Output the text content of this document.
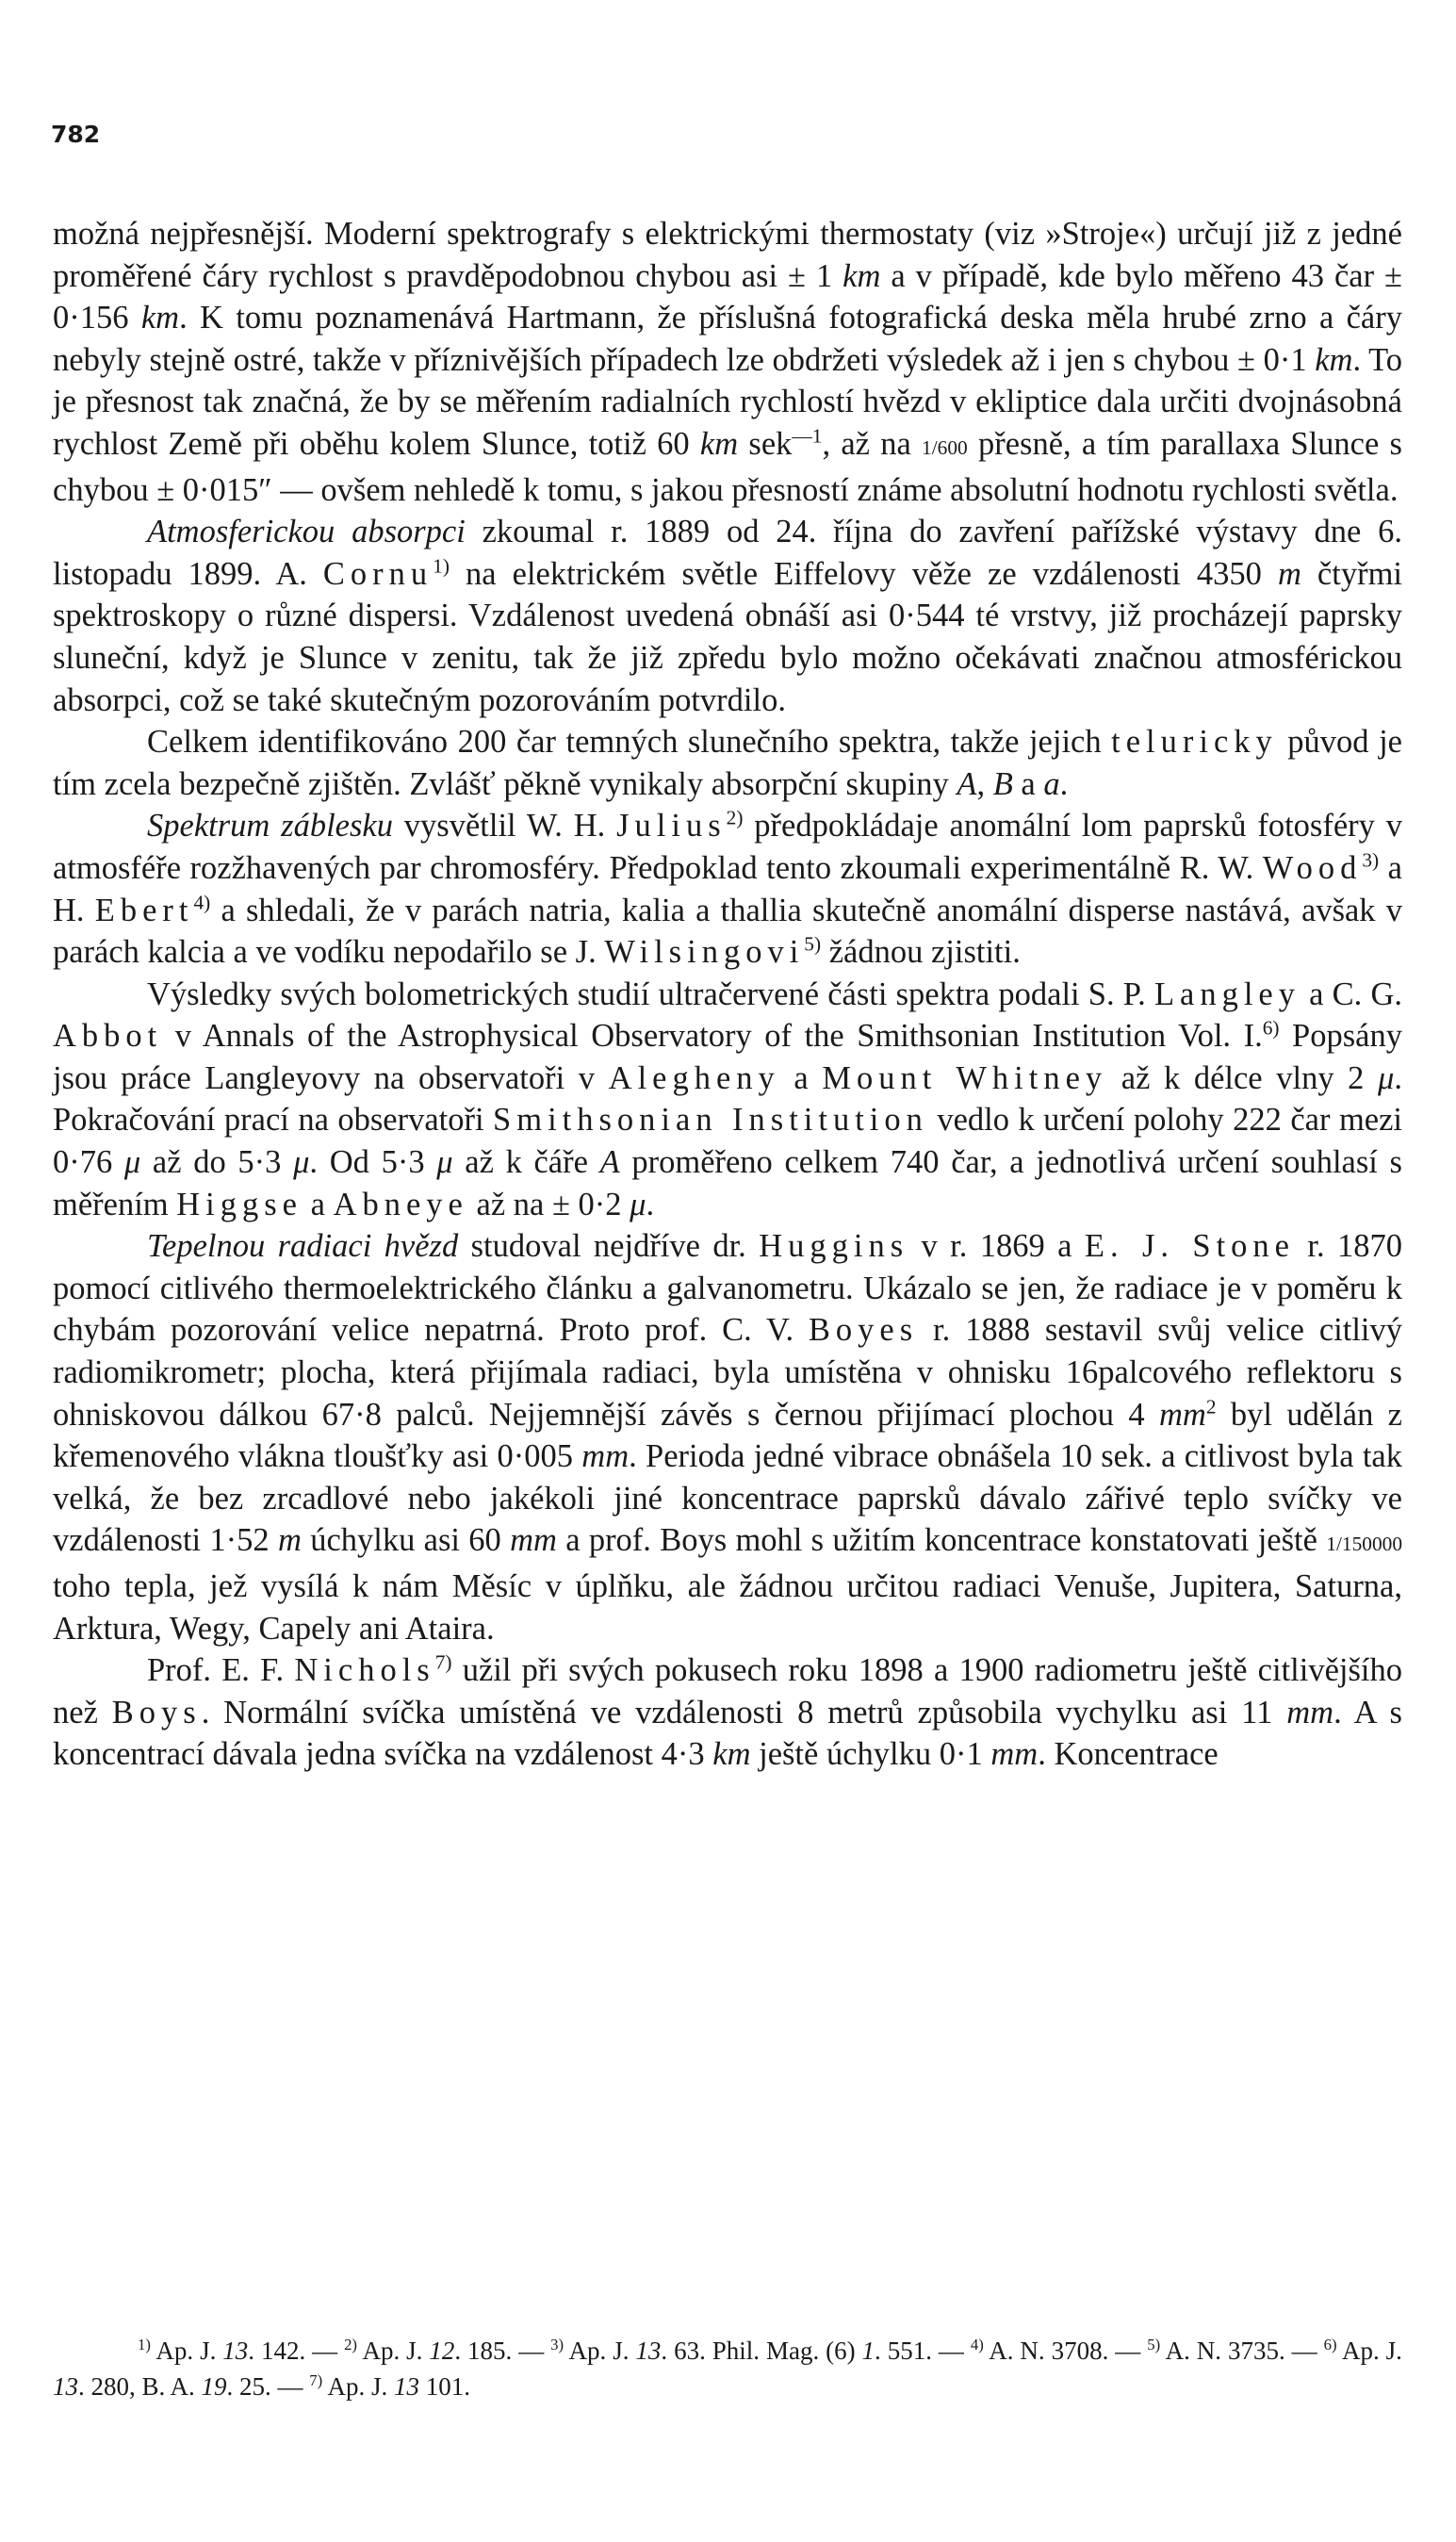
782

možná nejpřesnější. Moderní spektrografy s elektrickými thermostaty (viz »Stroje«) určují již z jedné proměřené čáry rychlost s pravděpodobnou chybou asi ± 1 km a v případě, kde bylo měřeno 43 čar ± 0·156 km. K tomu poznamenává Hartmann, že příslušná fotografická deska měla hrubé zrno a čáry nebyly stejně ostré, takže v příznivějších případech lze obdržeti výsledek až i jen s chybou ± 0·1 km. To je přesnost tak značná, že by se měřením radialních rychlostí hvězd v ekliptice dala určiti dvojnásobná rychlost Země při oběhu kolem Slunce, totiž 60 km sek$^{—1}$, až na 1/600 přesně, a tím parallaxa Slunce s chybou ± 0·015″ — ovšem nehledě k tomu, s jakou přesností známe absolutní hodnotu rychlosti světla.

Atmosferickou absorpci zkoumal r. 1889 od 24. října do zavření pařížské výstavy dne 6. listopadu 1899. A. Cornu$^{1)}$ na elektrickém světle Eiffelovy věže ze vzdálenosti 4350 m čtyřmi spektroskopy o různé dispersi. Vzdálenost uvedená obnáší asi 0·544 té vrstvy, již procházejí paprsky sluneční, když je Slunce v zenitu, tak že již zpředu bylo možno očekávati značnou atmosférickou absorpci, což se také skutečným pozorováním potvrdilo.

Celkem identifikováno 200 čar temných slunečního spektra, takže jejich teluricky původ je tím zcela bezpečně zjištěn. Zvlášť pěkně vynikaly absorpční skupiny A, B a a.

Spektrum záblesku vysvětlil W. H. Julius$^{2)}$ předpokládaje anomální lom paprsků fotosféry v atmosféře rozžhavených par chromosféry. Předpoklad tento zkoumali experimentálně R. W. Wood$^{3)}$ a H. Ebert$^{4)}$ a shledali, že v parách natria, kalia a thallia skutečně anomální disperse nastává, avšak v parách kalcia a ve vodíku nepodařilo se J. Wilsingovi$^{5)}$ žádnou zjistiti.

Výsledky svých bolometrických studií ultračervené části spektra podali S. P. Langley a C. G. Abbot v Annals of the Astrophysical Observatory of the Smithsonian Institution Vol. I.$^{6)}$ Popsány jsou práce Langleyovy na observatoři v Alegheny a Mount Whitney až k délce vlny 2 μ. Pokračování prací na observatoři Smithsonian Institution vedlo k určení polohy 222 čar mezi 0·76 μ až do 5·3 μ. Od 5·3 μ až k čáře A proměřeno celkem 740 čar, a jednotlivá určení souhlasí s měřením Higgse a Abneye až na ± 0·2 μ.

Tepelnou radiaci hvězd studoval nejdříve dr. Huggins v r. 1869 a E. J. Stone r. 1870 pomocí citlivého thermoelektrického článku a galvanometru. Ukázalo se jen, že radiace je v poměru k chybám pozorování velice nepatrná. Proto prof. C. V. Boyes r. 1888 sestavil svůj velice citlivý radiomikrometr; plocha, která přijímala radiaci, byla umístěna v ohnisku 16palcového reflektoru s ohniskovou dálkou 67·8 palců. Nejjemnější závěs s černou přijímací plochou 4 $mm^2$ byl udělán z křemenového vlákna tloušťky asi 0·005 mm. Perioda jedné vibrace obnášela 10 sek. a citlivost byla tak velká, že bez zrcadlové nebo jakékoli jiné koncentrace paprsků dávalo zářivé teplo svíčky ve vzdálenosti 1·52 m úchylku asi 60 mm a prof. Boys mohl s užitím koncentrace konstatovati ještě 1/150000 toho tepla, jež vysílá k nám Měsíc v úplňku, ale žádnou určitou radiaci Venuše, Jupitera, Saturna, Arktura, Wegy, Capely ani Ataira.

Prof. E. F. Nichols$^{7)}$ užil při svých pokusech roku 1898 a 1900 radiometru ještě citlivějšího než Boys. Normální svíčka umístěná ve vzdálenosti 8 metrů způsobila vychylku asi 11 mm. A s koncentrací dávala jedna svíčka na vzdálenost 4·3 km ještě úchylku 0·1 mm. Koncentrace

$^{1)}$ Ap. J. 13. 142. — $^{2)}$ Ap. J. 12. 185. — $^{3)}$ Ap. J. 13. 63. Phil. Mag. (6) 1. 551. — $^{4)}$ A. N. 3708. — $^{5)}$ A. N. 3735. — $^{6)}$ Ap. J. 13. 280, B. A. 19. 25. — $^{7)}$ Ap. J. 13 101.
